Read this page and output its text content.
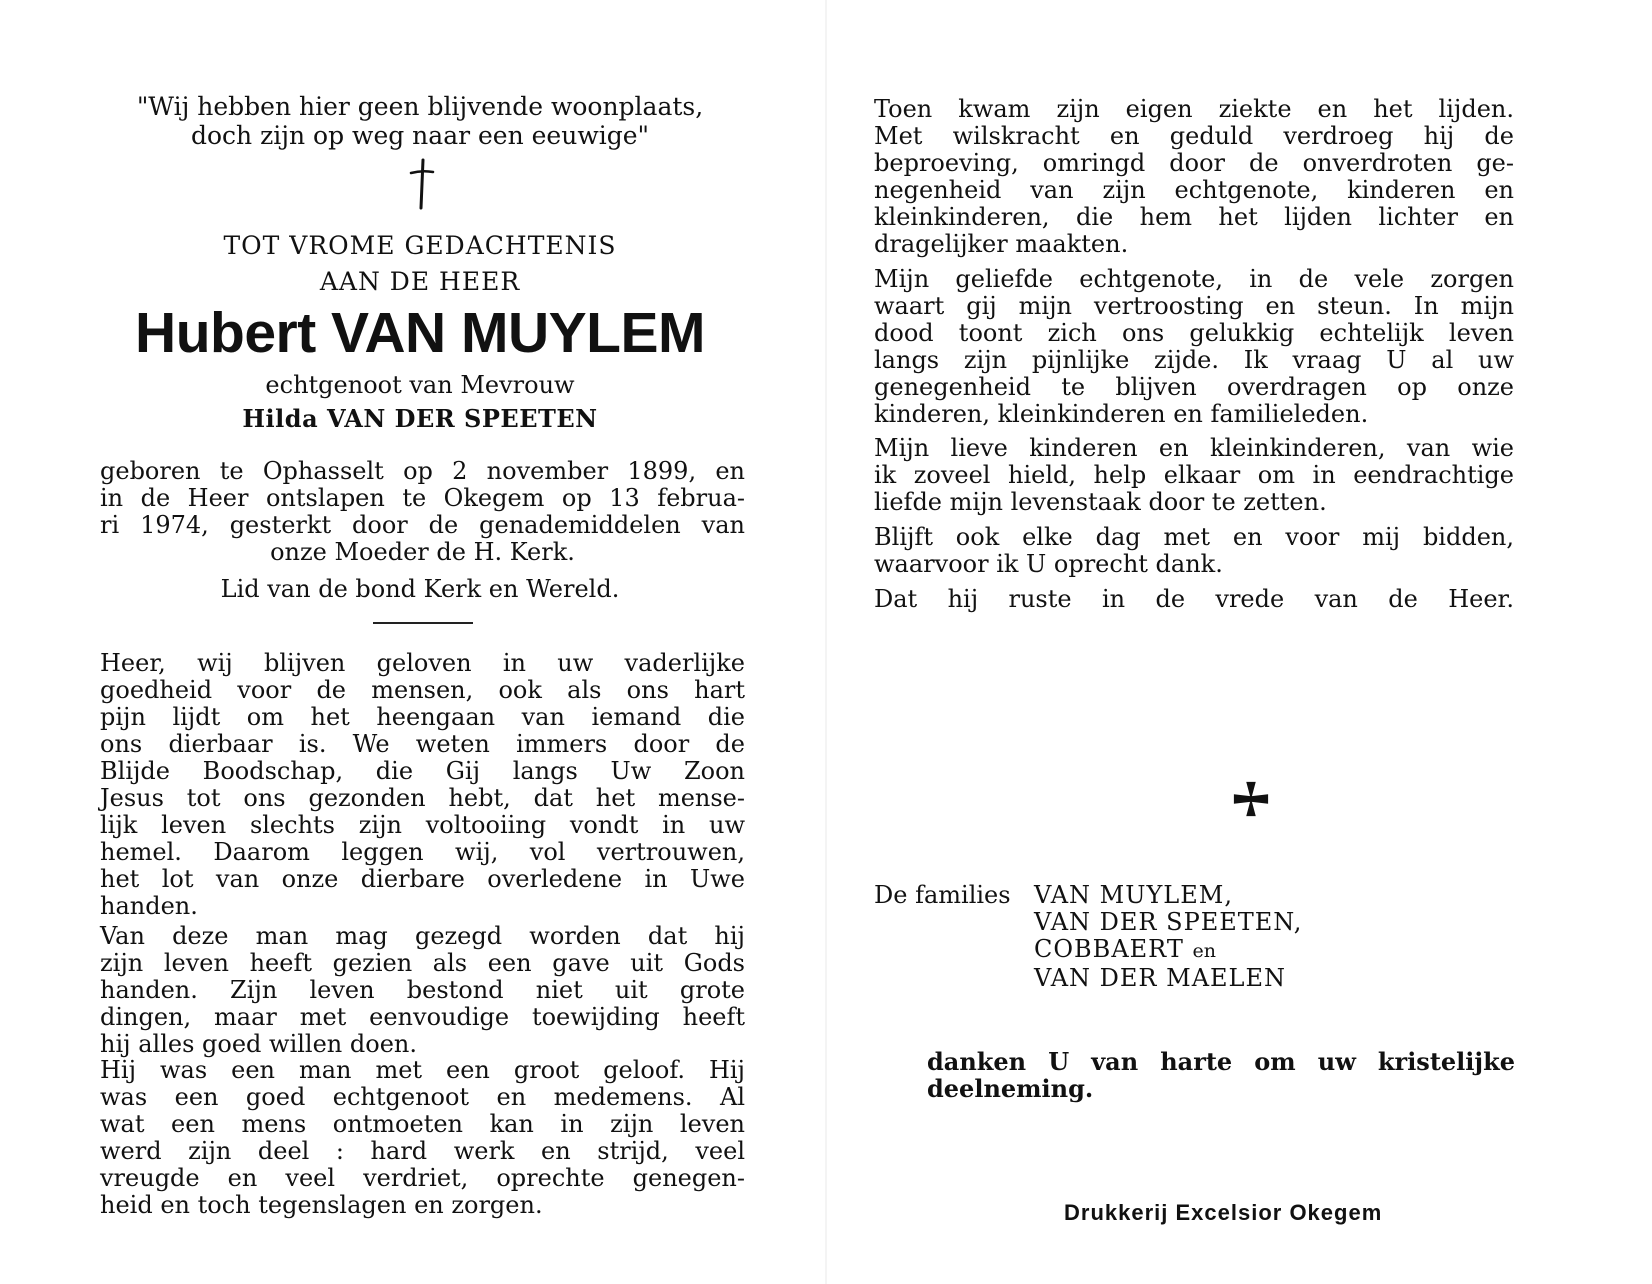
"Wij hebben hier geen blijvende woonplaats,
doch zijn op weg naar een eeuwige"
TOT VROME GEDACHTENIS
AAN DE HEER
Hubert VAN MUYLEM
echtgenoot van Mevrouw
Hilda VAN DER SPEETEN
geboren te Ophasselt op 2 november 1899, en
in de Heer ontslapen te Okegem op 13 februa-
ri 1974, gesterkt door de genademiddelen van
onze Moeder de H. Kerk.
Lid van de bond Kerk en Wereld.
Heer, wij blijven geloven in uw vaderlijke
goedheid voor de mensen, ook als ons hart
pijn lijdt om het heengaan van iemand die
ons dierbaar is. We weten immers door de
Blijde Boodschap, die Gij langs Uw Zoon
Jesus tot ons gezonden hebt, dat het mense-
lijk leven slechts zijn voltooiing vondt in uw
hemel. Daarom leggen wij, vol vertrouwen,
het lot van onze dierbare overledene in Uwe
handen.
Van deze man mag gezegd worden dat hij
zijn leven heeft gezien als een gave uit Gods
handen. Zijn leven bestond niet uit grote
dingen, maar met eenvoudige toewijding heeft
hij alles goed willen doen.
Hij was een man met een groot geloof. Hij
was een goed echtgenoot en medemens. Al
wat een mens ontmoeten kan in zijn leven
werd zijn deel : hard werk en strijd, veel
vreugde en veel verdriet, oprechte genegen-
heid en toch tegenslagen en zorgen.
Toen kwam zijn eigen ziekte en het lijden.
Met wilskracht en geduld verdroeg hij de
beproeving, omringd door de onverdroten ge-
negenheid van zijn echtgenote, kinderen en
kleinkinderen, die hem het lijden lichter en
dragelijker maakten.
Mijn geliefde echtgenote, in de vele zorgen
waart gij mijn vertroosting en steun. In mijn
dood toont zich ons gelukkig echtelijk leven
langs zijn pijnlijke zijde. Ik vraag U al uw
genegenheid te blijven overdragen op onze
kinderen, kleinkinderen en familieleden.
Mijn lieve kinderen en kleinkinderen, van wie
ik zoveel hield, help elkaar om in eendrachtige
liefde mijn levenstaak door te zetten.
Blijft ook elke dag met en voor mij bidden,
waarvoor ik U oprecht dank.
Dat hij ruste in de vrede van de Heer.
De families VAN MUYLEM,
VAN DER SPEETEN,
COBBAERT en
VAN DER MAELEN
danken U van harte om uw kristelijke
deelneming.
Drukkerij Excelsior Okegem
